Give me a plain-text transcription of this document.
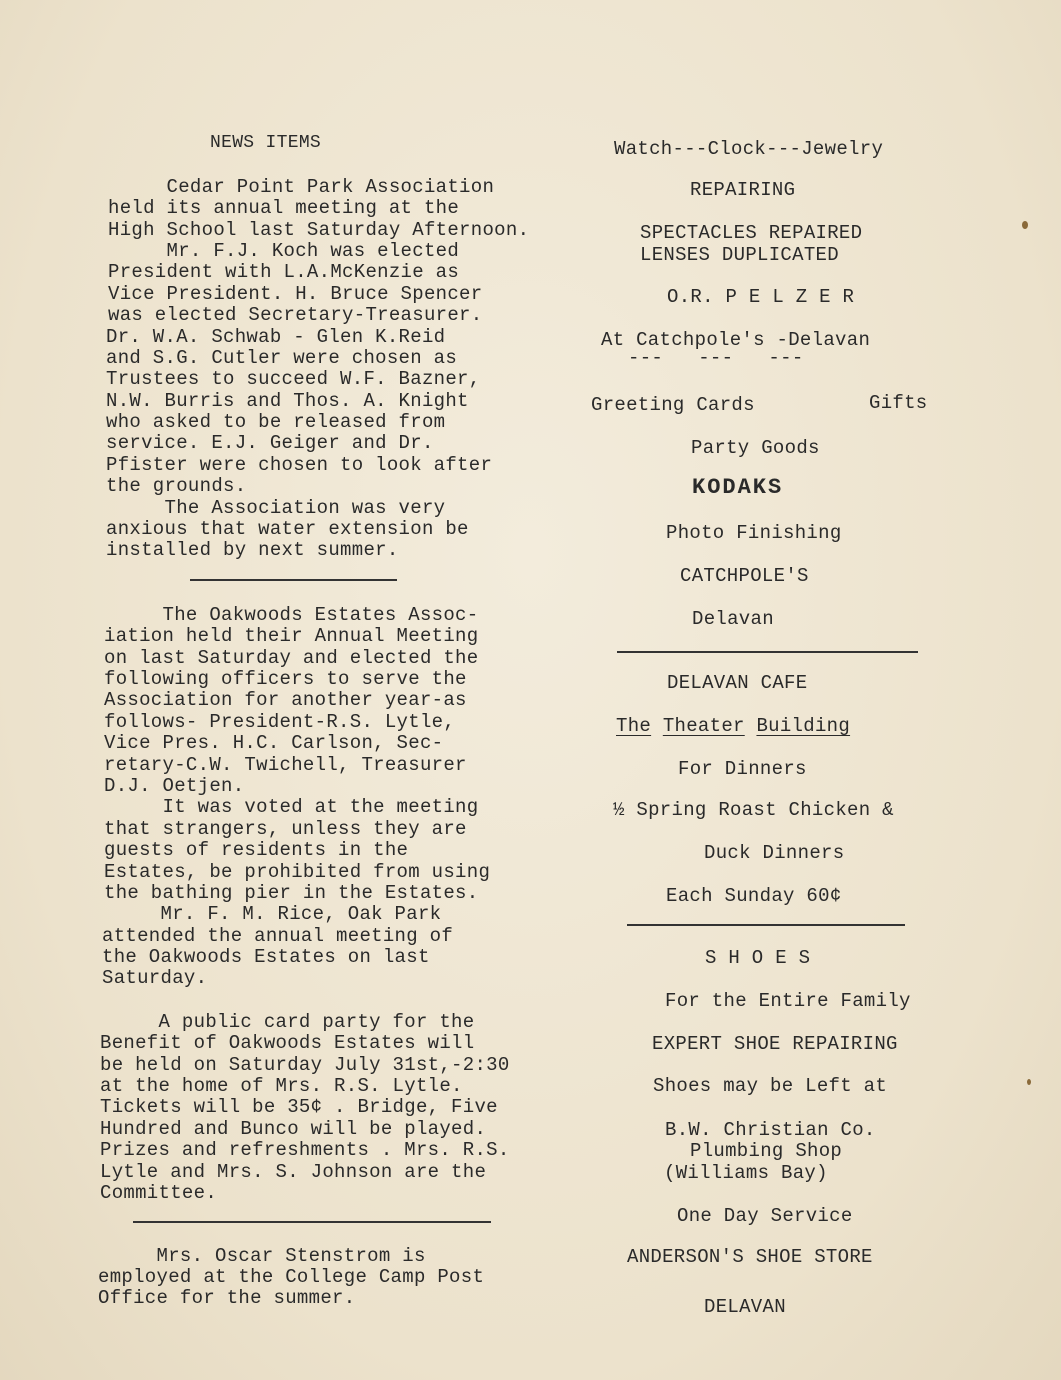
NEWS ITEMS
Cedar Point Park Association
held its annual meeting at the
High School last Saturday Afternoon.
Mr. F.J. Koch was elected
President with L.A.McKenzie as
Vice President. H. Bruce Spencer
was elected Secretary-Treasurer.
Dr. W.A. Schwab - Glen K.Reid
and S.G. Cutler were chosen as
Trustees to succeed W.F. Bazner,
N.W. Burris and Thos. A. Knight
who asked to be released from
service. E.J. Geiger and Dr.
Pfister were chosen to look after
the grounds.
The Association was very
anxious that water extension be
installed by next summer.
The Oakwoods Estates Assoc-
iation held their Annual Meeting
on last Saturday and elected the
following officers to serve the
Association for another year-as
follows- President-R.S. Lytle,
Vice Pres. H.C. Carlson, Sec-
retary-C.W. Twichell, Treasurer
D.J. Oetjen.
It was voted at the meeting
that strangers, unless they are
guests of residents in the
Estates, be prohibited from using
the bathing pier in the Estates.
Mr. F. M. Rice, Oak Park
attended the annual meeting of
the Oakwoods Estates on last
Saturday.
A public card party for the
Benefit of Oakwoods Estates will
be held on Saturday July 31st,-2:30
at the home of Mrs. R.S. Lytle.
Tickets will be 35¢ . Bridge, Five
Hundred and Bunco will be played.
Prizes and refreshments . Mrs. R.S.
Lytle and Mrs. S. Johnson are the
Committee.
Mrs. Oscar Stenstrom is
employed at the College Camp Post
Office for the summer.
Watch---Clock---Jewelry
REPAIRING
SPECTACLES REPAIRED
LENSES DUPLICATED
O.R. P E L Z E R
At Catchpole's -Delavan
---   ---   ---
Greeting Cards	Gifts
Party Goods
KODAKS
Photo Finishing
CATCHPOLE'S
Delavan
DELAVAN CAFE
The Theater Building
For Dinners
½ Spring Roast Chicken &
Duck Dinners
Each Sunday 60¢
S H O E S
For the Entire Family
EXPERT SHOE REPAIRING
Shoes may be Left at
B.W. Christian Co.
Plumbing Shop
(Williams Bay)
One Day Service
ANDERSON'S SHOE STORE
DELAVAN
